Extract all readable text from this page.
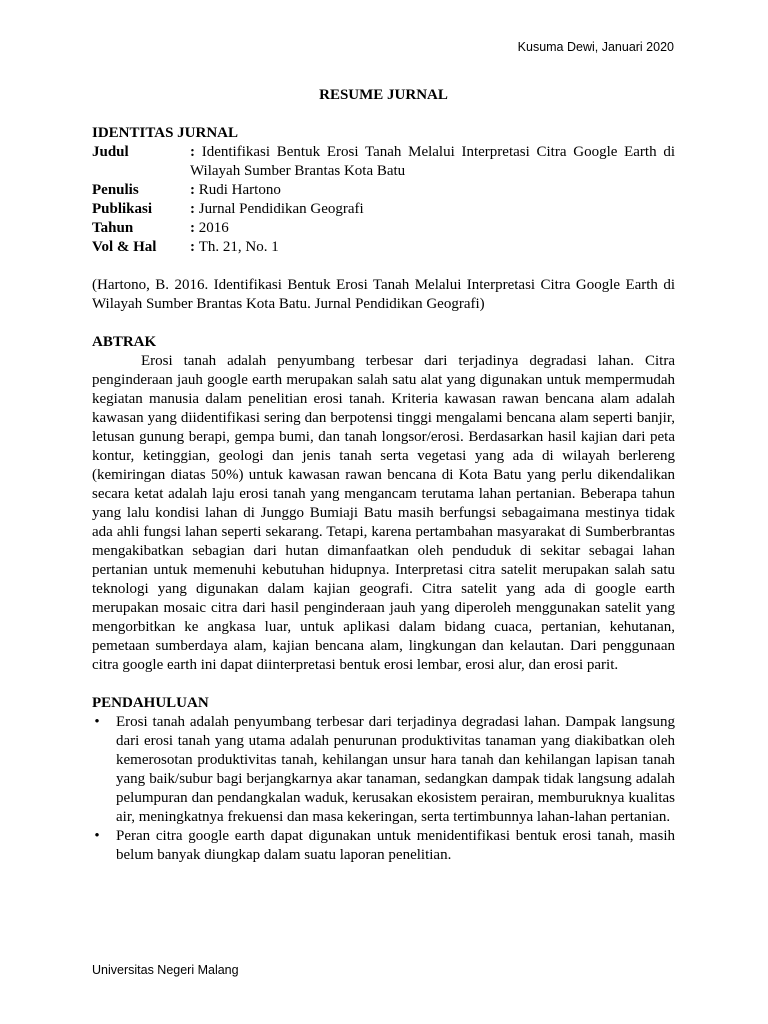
Kusuma Dewi, Januari 2020

RESUME JURNAL

IDENTITAS JURNAL

Judul	: Identifikasi Bentuk Erosi Tanah Melalui Interpretasi Citra Google Earth di Wilayah Sumber Brantas Kota Batu
Penulis	: Rudi Hartono
Publikasi	: Jurnal Pendidikan Geografi
Tahun	: 2016
Vol & Hal	: Th. 21, No. 1

(Hartono, B. 2016. Identifikasi Bentuk Erosi Tanah Melalui Interpretasi Citra Google Earth di Wilayah Sumber Brantas Kota Batu. Jurnal Pendidikan Geografi)

ABTRAK

Erosi tanah adalah penyumbang terbesar dari terjadinya degradasi lahan. Citra penginderaan jauh google earth merupakan salah satu alat yang digunakan untuk mempermudah kegiatan manusia dalam penelitian erosi tanah. Kriteria kawasan rawan bencana alam adalah kawasan yang diidentifikasi sering dan berpotensi tinggi mengalami bencana alam seperti banjir, letusan gunung berapi, gempa bumi, dan tanah longsor/erosi. Berdasarkan hasil kajian dari peta kontur, ketinggian, geologi dan jenis tanah serta vegetasi yang ada di wilayah berlereng (kemiringan diatas 50%) untuk kawasan rawan bencana di Kota Batu yang perlu dikendalikan secara ketat adalah laju erosi tanah yang mengancam terutama lahan pertanian. Beberapa tahun yang lalu kondisi lahan di Junggo Bumiaji Batu masih berfungsi sebagaimana mestinya tidak ada ahli fungsi lahan seperti sekarang. Tetapi, karena pertambahan masyarakat di Sumberbrantas mengakibatkan sebagian dari hutan dimanfaatkan oleh penduduk di sekitar sebagai lahan pertanian untuk memenuhi kebutuhan hidupnya. Interpretasi citra satelit merupakan salah satu teknologi yang digunakan dalam kajian geografi. Citra satelit yang ada di google earth merupakan mosaic citra dari hasil penginderaan jauh yang diperoleh menggunakan satelit yang mengorbitkan ke angkasa luar, untuk aplikasi dalam bidang cuaca, pertanian, kehutanan, pemetaan sumberdaya alam, kajian bencana alam, lingkungan dan kelautan. Dari penggunaan citra google earth ini dapat diinterpretasi bentuk erosi lembar, erosi alur, dan erosi parit.

PENDAHULUAN

• Erosi tanah adalah penyumbang terbesar dari terjadinya degradasi lahan. Dampak langsung dari erosi tanah yang utama adalah penurunan produktivitas tanaman yang diakibatkan oleh kemerosotan produktivitas tanah, kehilangan unsur hara tanah dan kehilangan lapisan tanah yang baik/subur bagi berjangkarnya akar tanaman, sedangkan dampak tidak langsung adalah pelumpuran dan pendangkalan waduk, kerusakan ekosistem perairan, memburuknya kualitas air, meningkatnya frekuensi dan masa kekeringan, serta tertimbunnya lahan-lahan pertanian.
• Peran citra google earth dapat digunakan untuk menidentifikasi bentuk erosi tanah, masih belum banyak diungkap dalam suatu laporan penelitian.
Universitas Negeri Malang
